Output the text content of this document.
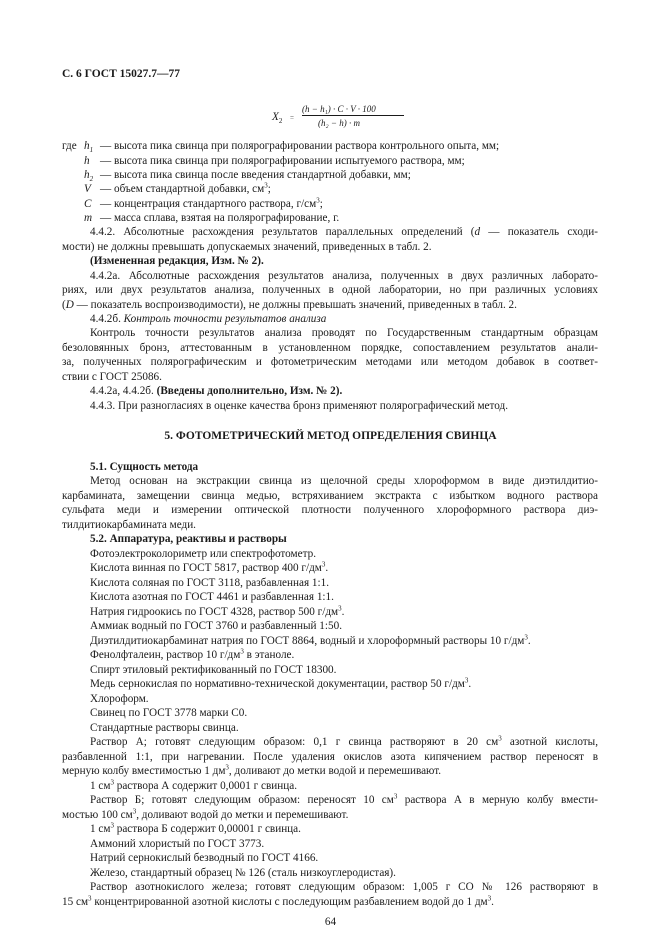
С. 6 ГОСТ 15027.7—77
$X_2$ =
(h − h₁) · C · V · 100
(h₂ − h) · m
где $h_1$ — высота пика свинца при полярографировании раствора контрольного опыта, мм;
h — высота пика свинца при полярографировании испытуемого раствора, мм;
$h_2$ — высота пика свинца после введения стандартной добавки, мм;
V — объем стандартной добавки, $см^3$;
C — концентрация стандартного раствора, $г/см^3$;
m — масса сплава, взятая на полярографирование, г.
4.4.2. Абсолютные расхождения результатов параллельных определений (d — показатель сходи-
мости) не должны превышать допускаемых значений, приведенных в табл. 2.
(Измененная редакция, Изм. № 2).
4.4.2а. Абсолютные расхождения результатов анализа, полученных в двух различных лаборато-
риях, или двух результатов анализа, полученных в одной лаборатории, но при различных условиях
(D — показатель воспроизводимости), не должны превышать значений, приведенных в табл. 2.
4.4.2б. Контроль точности результатов анализа
Контроль точности результатов анализа проводят по Государственным стандартным образцам
безоловянных бронз, аттестованным в установленном порядке, сопоставлением результатов анали-
за, полученных полярографическим и фотометрическим методами или методом добавок в соответ-
ствии с ГОСТ 25086.
4.4.2а, 4.4.2б. (Введены дополнительно, Изм. № 2).
4.4.3. При разногласиях в оценке качества бронз применяют полярографический метод.
5. ФОТОМЕТРИЧЕСКИЙ МЕТОД ОПРЕДЕЛЕНИЯ СВИНЦА
5.1. Сущность метода
Метод основан на экстракции свинца из щелочной среды хлороформом в виде диэтилдитио-
карбамината, замещении свинца медью, встряхиванием экстракта с избытком водного раствора
сульфата меди и измерении оптической плотности полученного хлороформного раствора диэ-
тилдитиокарбамината меди.
5.2. Аппаратура, реактивы и растворы
Фотоэлектроколориметр или спектрофотометр.
Кислота винная по ГОСТ 5817, раствор 400 $г/дм^3$.
Кислота соляная по ГОСТ 3118, разбавленная 1:1.
Кислота азотная по ГОСТ 4461 и разбавленная 1:1.
Натрия гидроокись по ГОСТ 4328, раствор 500 $г/дм^3$.
Аммиак водный по ГОСТ 3760 и разбавленный 1:50.
Диэтилдитиокарбаминат натрия по ГОСТ 8864, водный и хлороформный растворы 10 $г/дм^3$.
Фенолфталеин, раствор 10 $г/дм^3$ в этаноле.
Спирт этиловый ректификованный по ГОСТ 18300.
Медь сернокислая по нормативно-технической документации, раствор 50 $г/дм^3$.
Хлороформ.
Свинец по ГОСТ 3778 марки С0.
Стандартные растворы свинца.
Раствор А; готовят следующим образом: 0,1 г свинца растворяют в 20 $см^3$ азотной кислоты,
разбавленной 1:1, при нагревании. После удаления окислов азота кипячением раствор переносят в
мерную колбу вместимостью 1 $дм^3$, доливают до метки водой и перемешивают.
1 $см^3$ раствора А содержит 0,0001 г свинца.
Раствор Б; готовят следующим образом: переносят 10 $см^3$ раствора А в мерную колбу вмести-
мостью 100 $см^3$, доливают водой до метки и перемешивают.
1 $см^3$ раствора Б содержит 0,00001 г свинца.
Аммоний хлористый по ГОСТ 3773.
Натрий сернокислый безводный по ГОСТ 4166.
Железо, стандартный образец № 126 (сталь низкоуглеродистая).
Раствор азотнокислого железа; готовят следующим образом: 1,005 г СО № 126 растворяют в
15 $см^3$ концентрированной азотной кислоты с последующим разбавлением водой до 1 $дм^3$.
64
